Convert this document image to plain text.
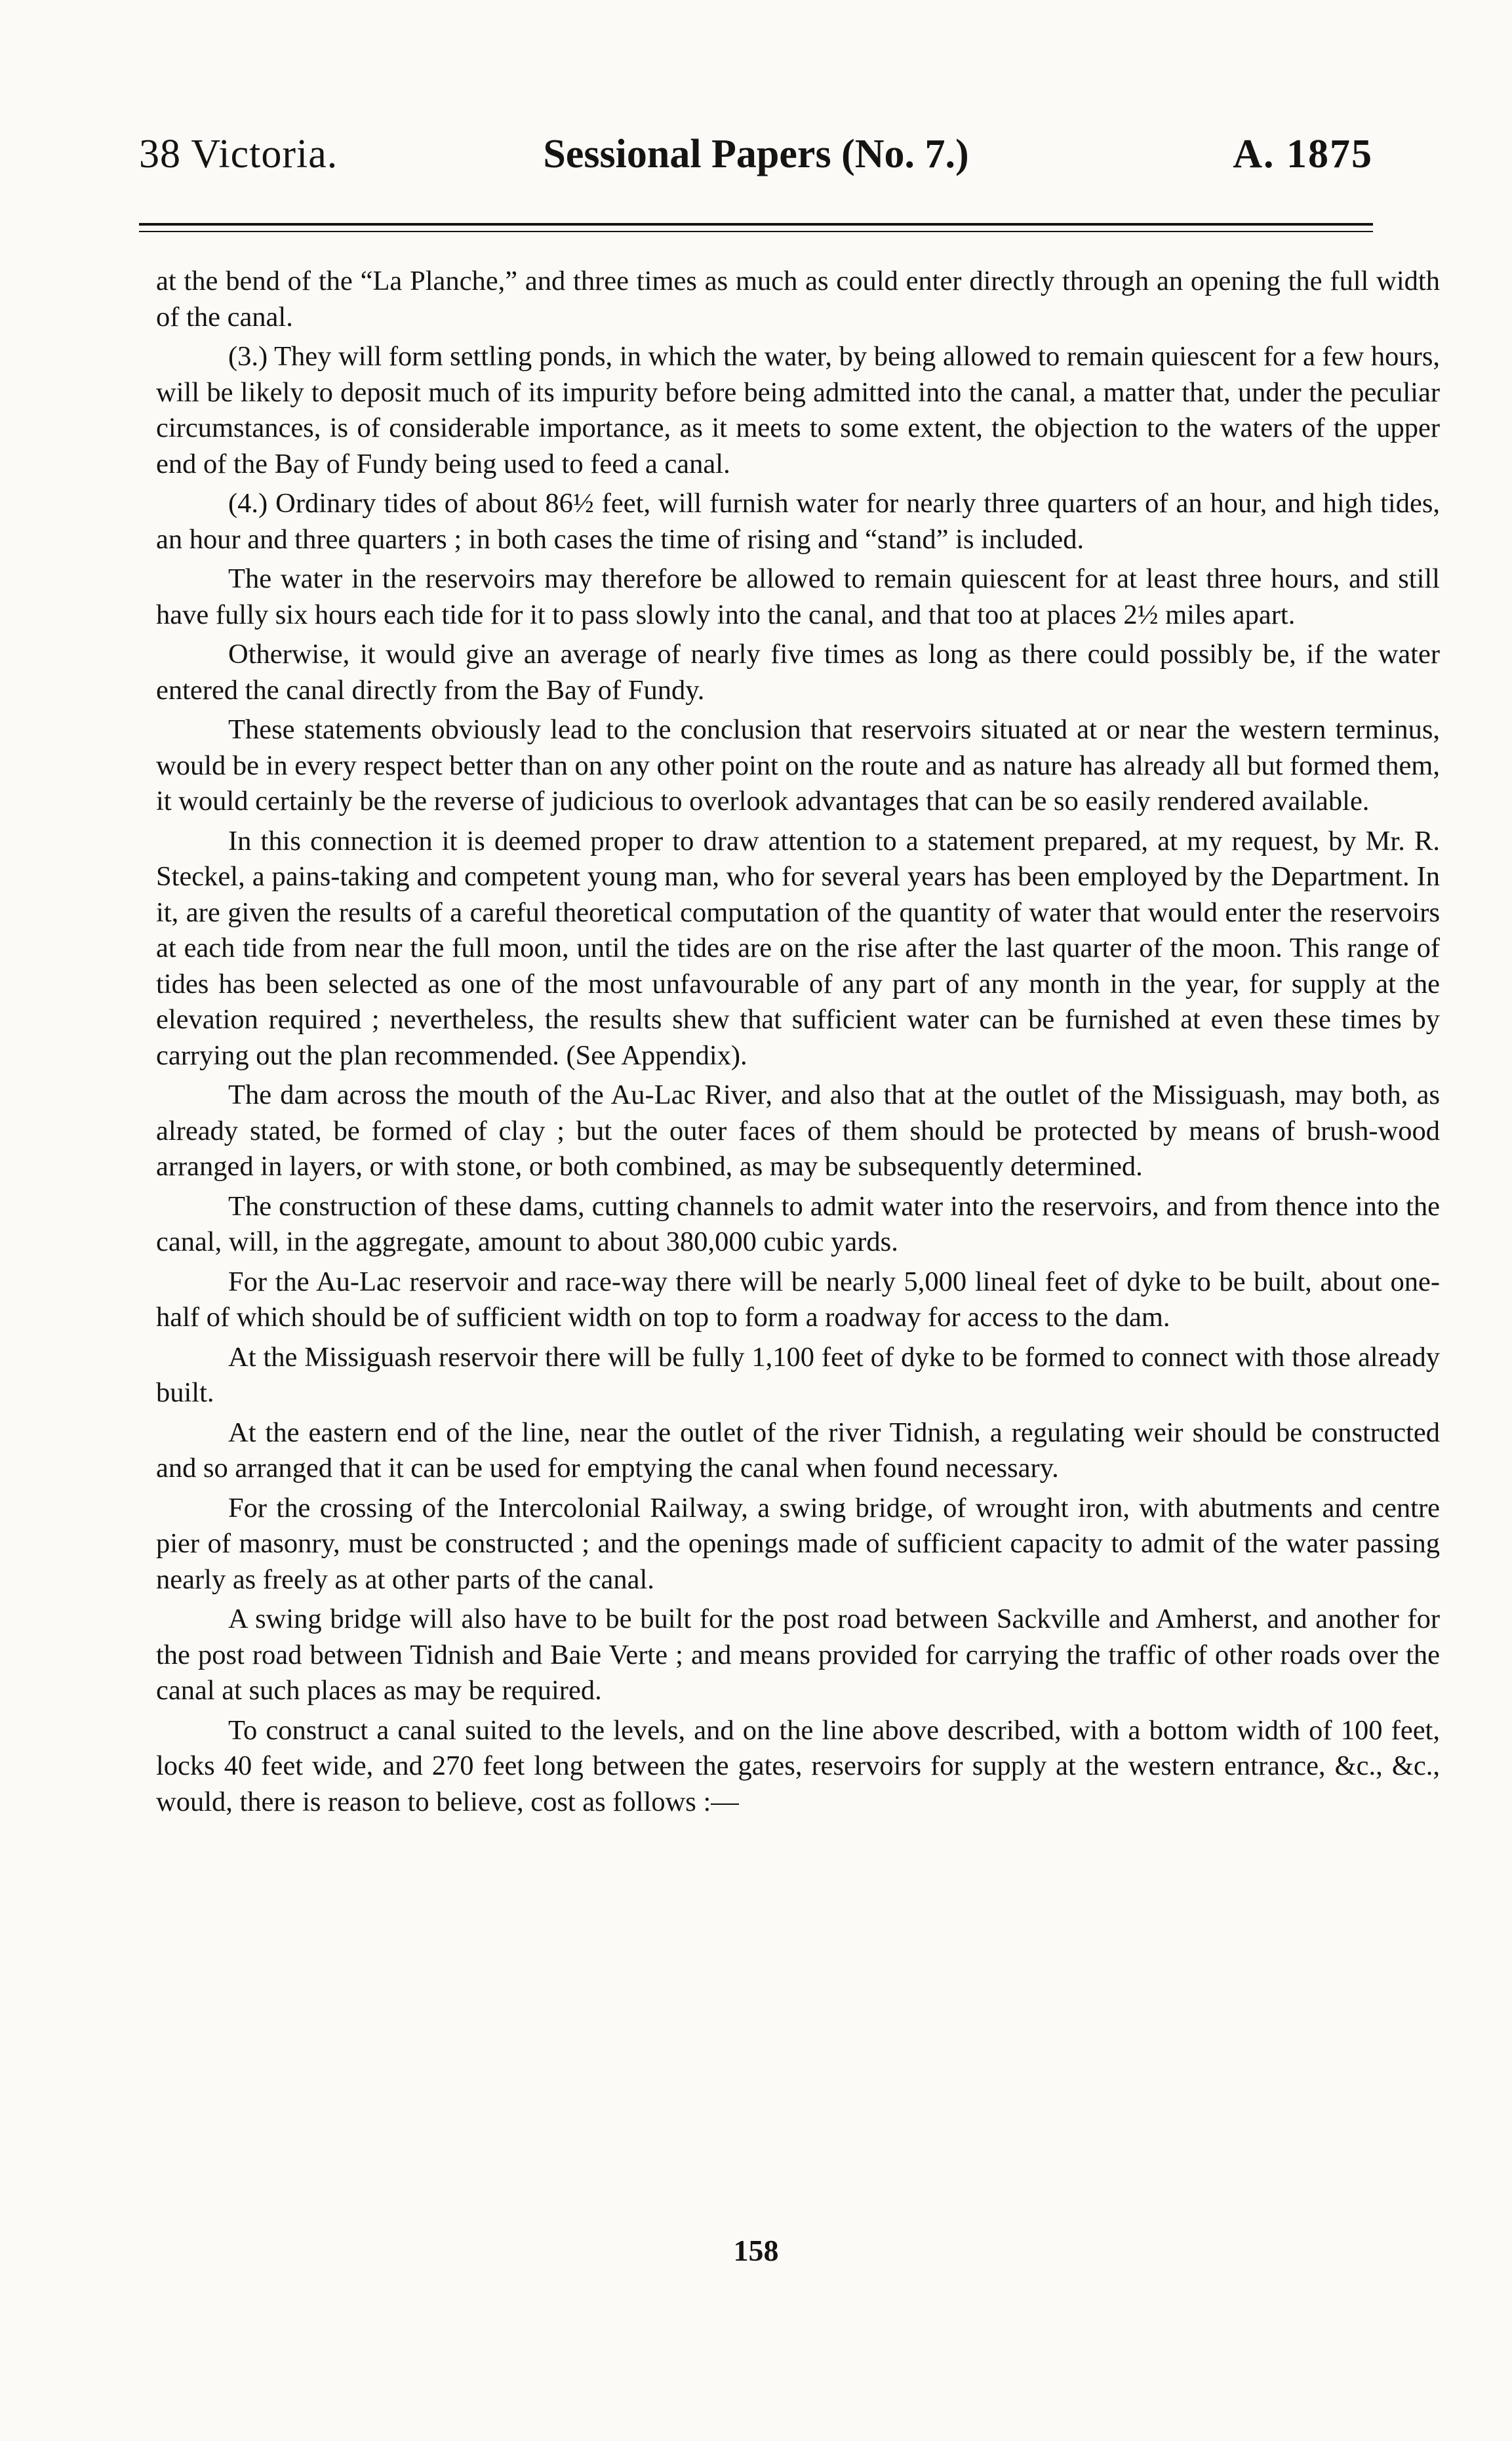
38 Victoria.	Sessional Papers (No. 7.)	A. 1875

at the bend of the “La Planche,” and three times as much as could enter directly through an opening the full width of the canal.

(3.) They will form settling ponds, in which the water, by being allowed to remain quiescent for a few hours, will be likely to deposit much of its impurity before being admitted into the canal, a matter that, under the peculiar circumstances, is of considerable importance, as it meets to some extent, the objection to the waters of the upper end of the Bay of Fundy being used to feed a canal.

(4.) Ordinary tides of about 86½ feet, will furnish water for nearly three quarters of an hour, and high tides, an hour and three quarters ; in both cases the time of rising and “stand” is included.

The water in the reservoirs may therefore be allowed to remain quiescent for at least three hours, and still have fully six hours each tide for it to pass slowly into the canal, and that too at places 2½ miles apart.

Otherwise, it would give an average of nearly five times as long as there could possibly be, if the water entered the canal directly from the Bay of Fundy.

These statements obviously lead to the conclusion that reservoirs situated at or near the western terminus, would be in every respect better than on any other point on the route and as nature has already all but formed them, it would certainly be the reverse of judicious to overlook advantages that can be so easily rendered available.

In this connection it is deemed proper to draw attention to a statement prepared, at my request, by Mr. R. Steckel, a pains-taking and competent young man, who for several years has been employed by the Department. In it, are given the results of a careful theoretical computation of the quantity of water that would enter the reservoirs at each tide from near the full moon, until the tides are on the rise after the last quarter of the moon. This range of tides has been selected as one of the most unfavourable of any part of any month in the year, for supply at the elevation required ; nevertheless, the results shew that sufficient water can be furnished at even these times by carrying out the plan recommended. (See Appendix).

The dam across the mouth of the Au-Lac River, and also that at the outlet of the Missiguash, may both, as already stated, be formed of clay ; but the outer faces of them should be protected by means of brush-wood arranged in layers, or with stone, or both combined, as may be subsequently determined.

The construction of these dams, cutting channels to admit water into the reservoirs, and from thence into the canal, will, in the aggregate, amount to about 380,000 cubic yards.

For the Au-Lac reservoir and race-way there will be nearly 5,000 lineal feet of dyke to be built, about one-half of which should be of sufficient width on top to form a roadway for access to the dam.

At the Missiguash reservoir there will be fully 1,100 feet of dyke to be formed to connect with those already built.

At the eastern end of the line, near the outlet of the river Tidnish, a regulating weir should be constructed and so arranged that it can be used for emptying the canal when found necessary.

For the crossing of the Intercolonial Railway, a swing bridge, of wrought iron, with abutments and centre pier of masonry, must be constructed ; and the openings made of sufficient capacity to admit of the water passing nearly as freely as at other parts of the canal.

A swing bridge will also have to be built for the post road between Sackville and Amherst, and another for the post road between Tidnish and Baie Verte ; and means provided for carrying the traffic of other roads over the canal at such places as may be required.

To construct a canal suited to the levels, and on the line above described, with a bottom width of 100 feet, locks 40 feet wide, and 270 feet long between the gates, reservoirs for supply at the western entrance, &c., &c., would, there is reason to believe, cost as follows :—

158
